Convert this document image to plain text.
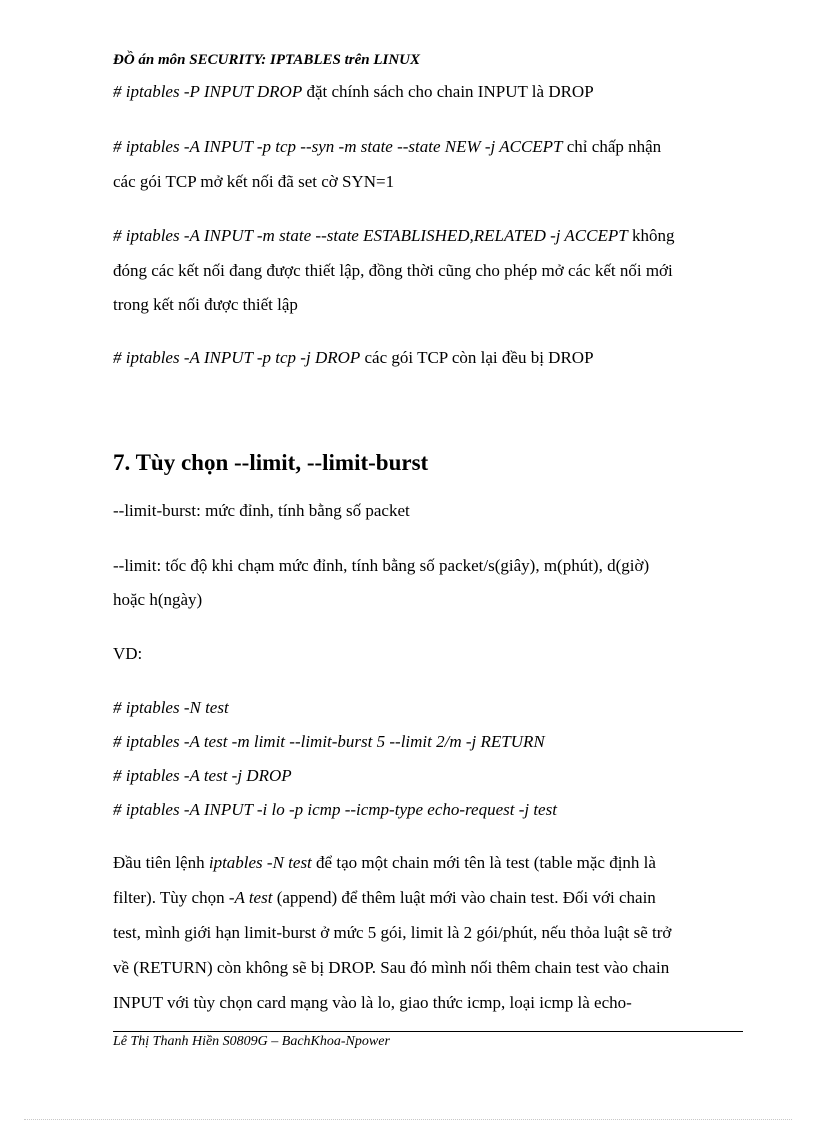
ĐỒ án môn SECURITY: IPTABLES trên LINUX
# iptables -P INPUT DROP đặt chính sách cho chain INPUT là DROP
# iptables -A INPUT -p tcp --syn -m state --state NEW -j ACCEPT chỉ chấp nhận
các gói TCP mở kết nối đã set cờ SYN=1
# iptables -A INPUT -m state --state ESTABLISHED,RELATED -j ACCEPT không
đóng các kết nối đang được thiết lập, đồng thời cũng cho phép mở các kết nối mới
trong kết nối được thiết lập
# iptables -A INPUT -p tcp -j DROP các gói TCP còn lại đều bị DROP
7. Tùy chọn --limit, --limit-burst
--limit-burst: mức đỉnh, tính bằng số packet
--limit: tốc độ khi chạm mức đỉnh, tính bằng số packet/s(giây), m(phút), d(giờ)
hoặc h(ngày)
VD:
# iptables -N test
# iptables -A test -m limit --limit-burst 5 --limit 2/m -j RETURN
# iptables -A test -j DROP
# iptables -A INPUT -i lo -p icmp --icmp-type echo-request -j test
Đầu tiên lệnh iptables -N test để tạo một chain mới tên là test (table mặc định là
filter). Tùy chọn -A test (append) để thêm luật mới vào chain test. Đối với chain
test, mình giới hạn limit-burst ở mức 5 gói, limit là 2 gói/phút, nếu thỏa luật sẽ trở
về (RETURN) còn không sẽ bị DROP. Sau đó mình nối thêm chain test vào chain
INPUT với tùy chọn card mạng vào là lo, giao thức icmp, loại icmp là echo-
Lê Thị Thanh Hiền S0809G – BachKhoa-Npower
